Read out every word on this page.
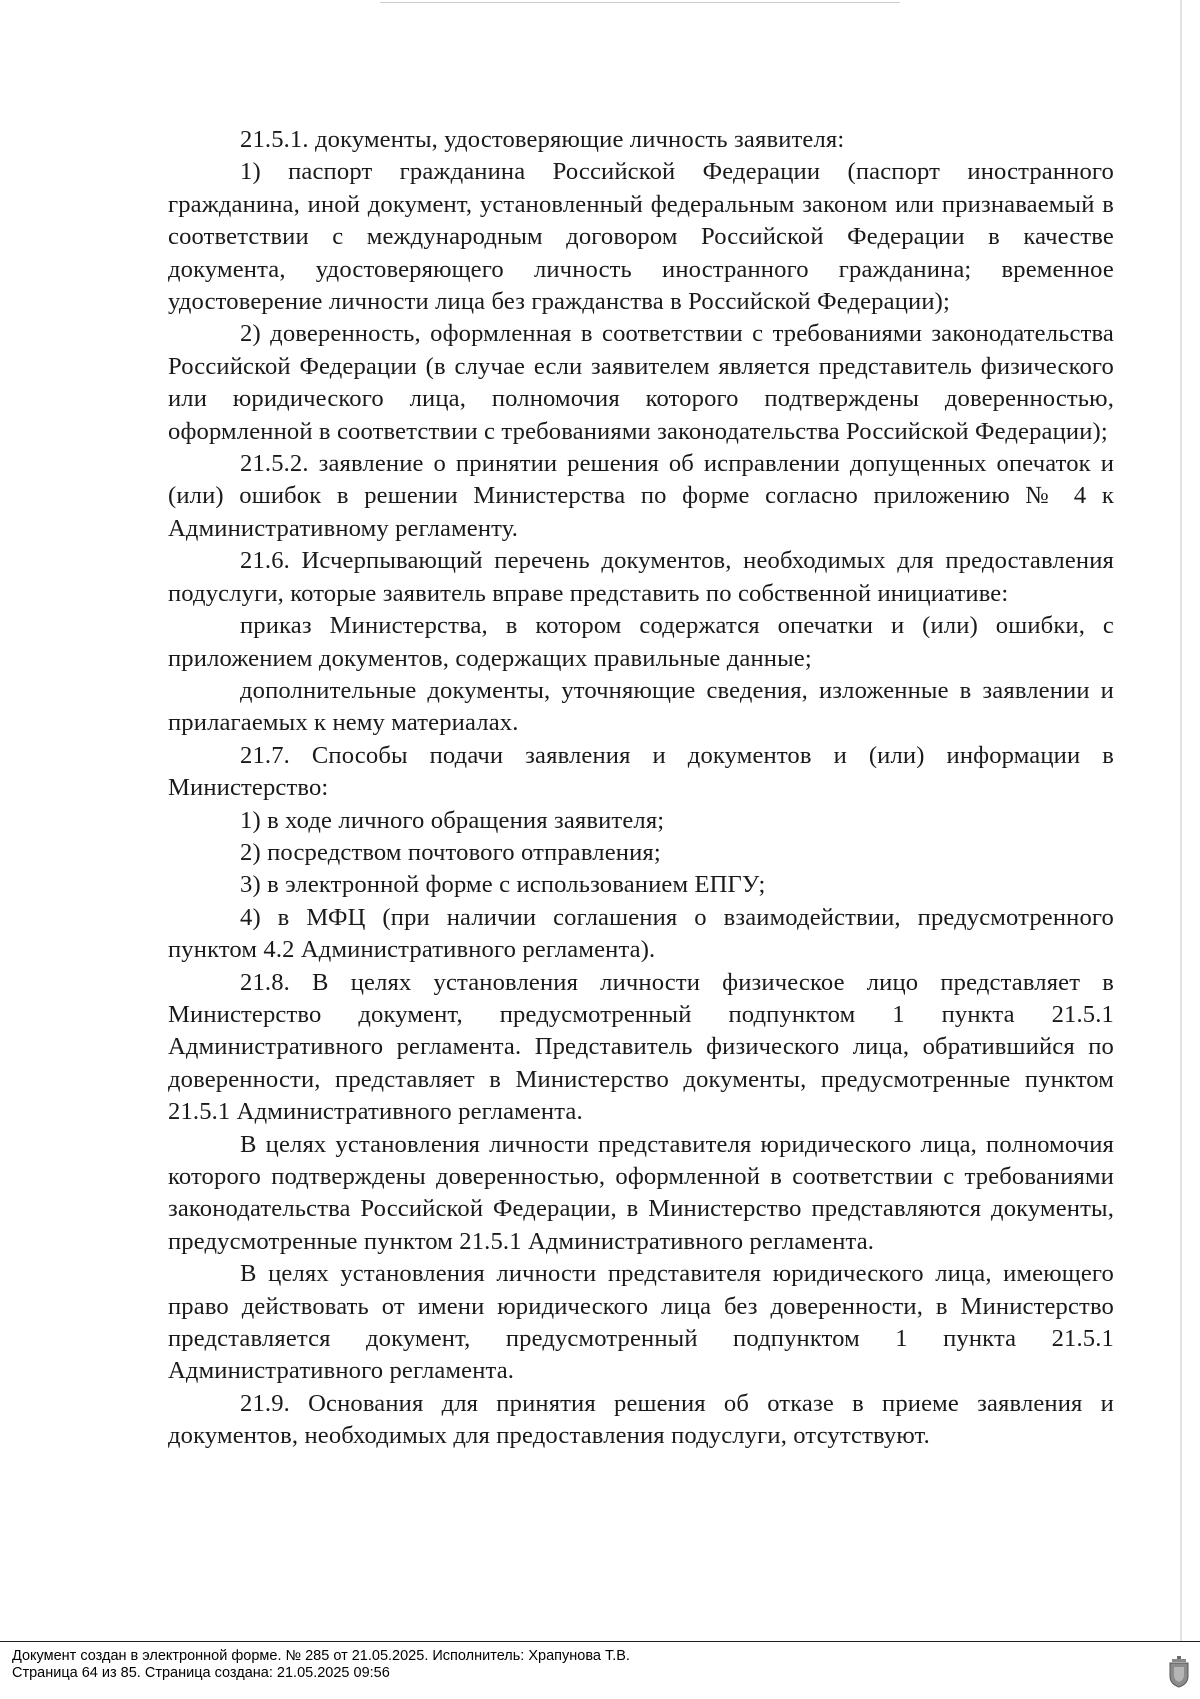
21.5.1. документы, удостоверяющие личность заявителя:

1) паспорт гражданина Российской Федерации (паспорт иностранного гражданина, иной документ, установленный федеральным законом или признаваемый в соответствии с международным договором Российской Федерации в качестве документа, удостоверяющего личность иностранного гражданина; временное удостоверение личности лица без гражданства в Российской Федерации);

2) доверенность, оформленная в соответствии с требованиями законодательства Российской Федерации (в случае если заявителем является представитель физического или юридического лица, полномочия которого подтверждены доверенностью, оформленной в соответствии с требованиями законодательства Российской Федерации);

21.5.2. заявление о принятии решения об исправлении допущенных опечаток и (или) ошибок в решении Министерства по форме согласно приложению № 4 к Административному регламенту.

21.6. Исчерпывающий перечень документов, необходимых для предоставления подуслуги, которые заявитель вправе представить по собственной инициативе:

приказ Министерства, в котором содержатся опечатки и (или) ошибки, с приложением документов, содержащих правильные данные;

дополнительные документы, уточняющие сведения, изложенные в заявлении и прилагаемых к нему материалах.

21.7. Способы подачи заявления и документов и (или) информации в Министерство:

1) в ходе личного обращения заявителя;

2) посредством почтового отправления;

3) в электронной форме с использованием ЕПГУ;

4) в МФЦ (при наличии соглашения о взаимодействии, предусмотренного пунктом 4.2 Административного регламента).

21.8. В целях установления личности физическое лицо представляет в Министерство документ, предусмотренный подпунктом 1 пункта 21.5.1 Административного регламента. Представитель физического лица, обратившийся по доверенности, представляет в Министерство документы, предусмотренные пунктом 21.5.1 Административного регламента.

В целях установления личности представителя юридического лица, полномочия которого подтверждены доверенностью, оформленной в соответствии с требованиями законодательства Российской Федерации, в Министерство представляются документы, предусмотренные пунктом 21.5.1 Административного регламента.

В целях установления личности представителя юридического лица, имеющего право действовать от имени юридического лица без доверенности, в Министерство представляется документ, предусмотренный подпунктом 1 пункта 21.5.1 Административного регламента.

21.9. Основания для принятия решения об отказе в приеме заявления и документов, необходимых для предоставления подуслуги, отсутствуют.

Документ создан в электронной форме. № 285 от 21.05.2025. Исполнитель: Храпунова Т.В.
Страница 64 из 85. Страница создана: 21.05.2025 09:56
